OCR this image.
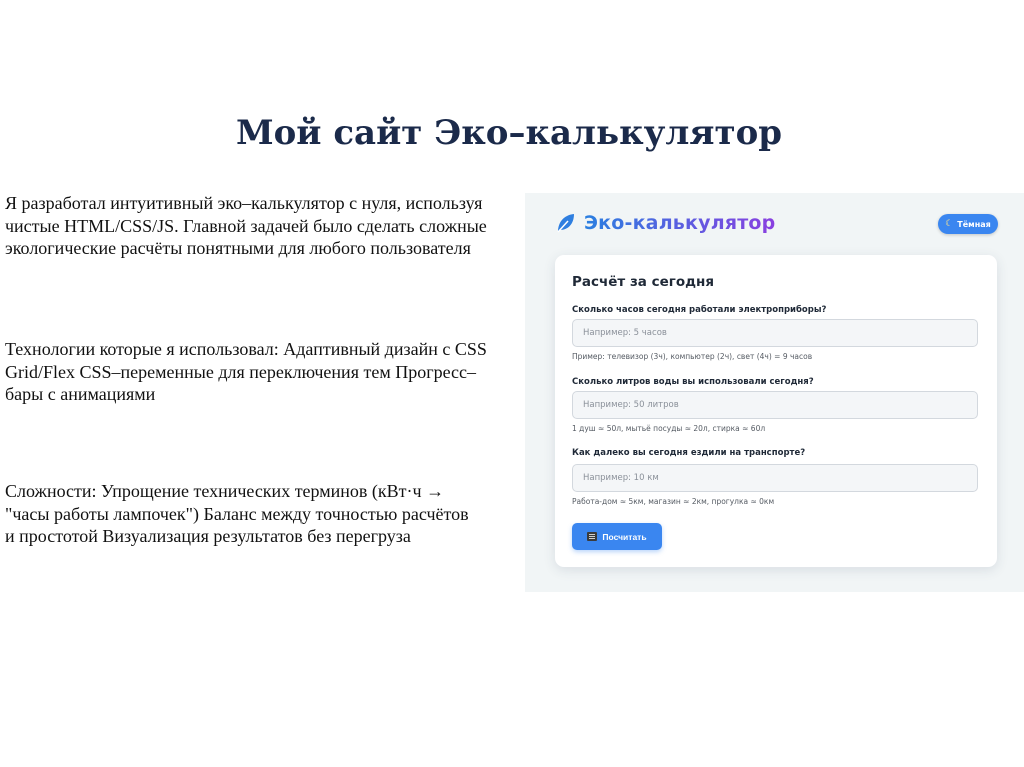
Мой сайт Эко–калькулятор
Я разработал интуитивный эко–калькулятор с нуля, используя чистые HTML/CSS/JS. Главной задачей было сделать сложные экологические расчёты понятными для любого пользователя
Технологии которые я использовал: Адаптивный дизайн с CSS Grid/Flex CSS–переменные для переключения тем Прогресс–бары с анимациями
Сложности: Упрощение технических терминов (кВт·ч → "часы работы лампочек") Баланс между точностью расчётов и простотой Визуализация результатов без перегруза
Эко-калькулятор	☾ Тёмная
Расчёт за сегодня
Сколько часов сегодня работали электроприборы?
Например: 5 часов
Пример: телевизор (3ч), компьютер (2ч), свет (4ч) = 9 часов
Сколько литров воды вы использовали сегодня?
Например: 50 литров
1 душ ≈ 50л, мытьё посуды ≈ 20л, стирка ≈ 60л
Как далеко вы сегодня ездили на транспорте?
Например: 10 км
Работа-дом ≈ 5км, магазин ≈ 2км, прогулка ≈ 0км
Посчитать
